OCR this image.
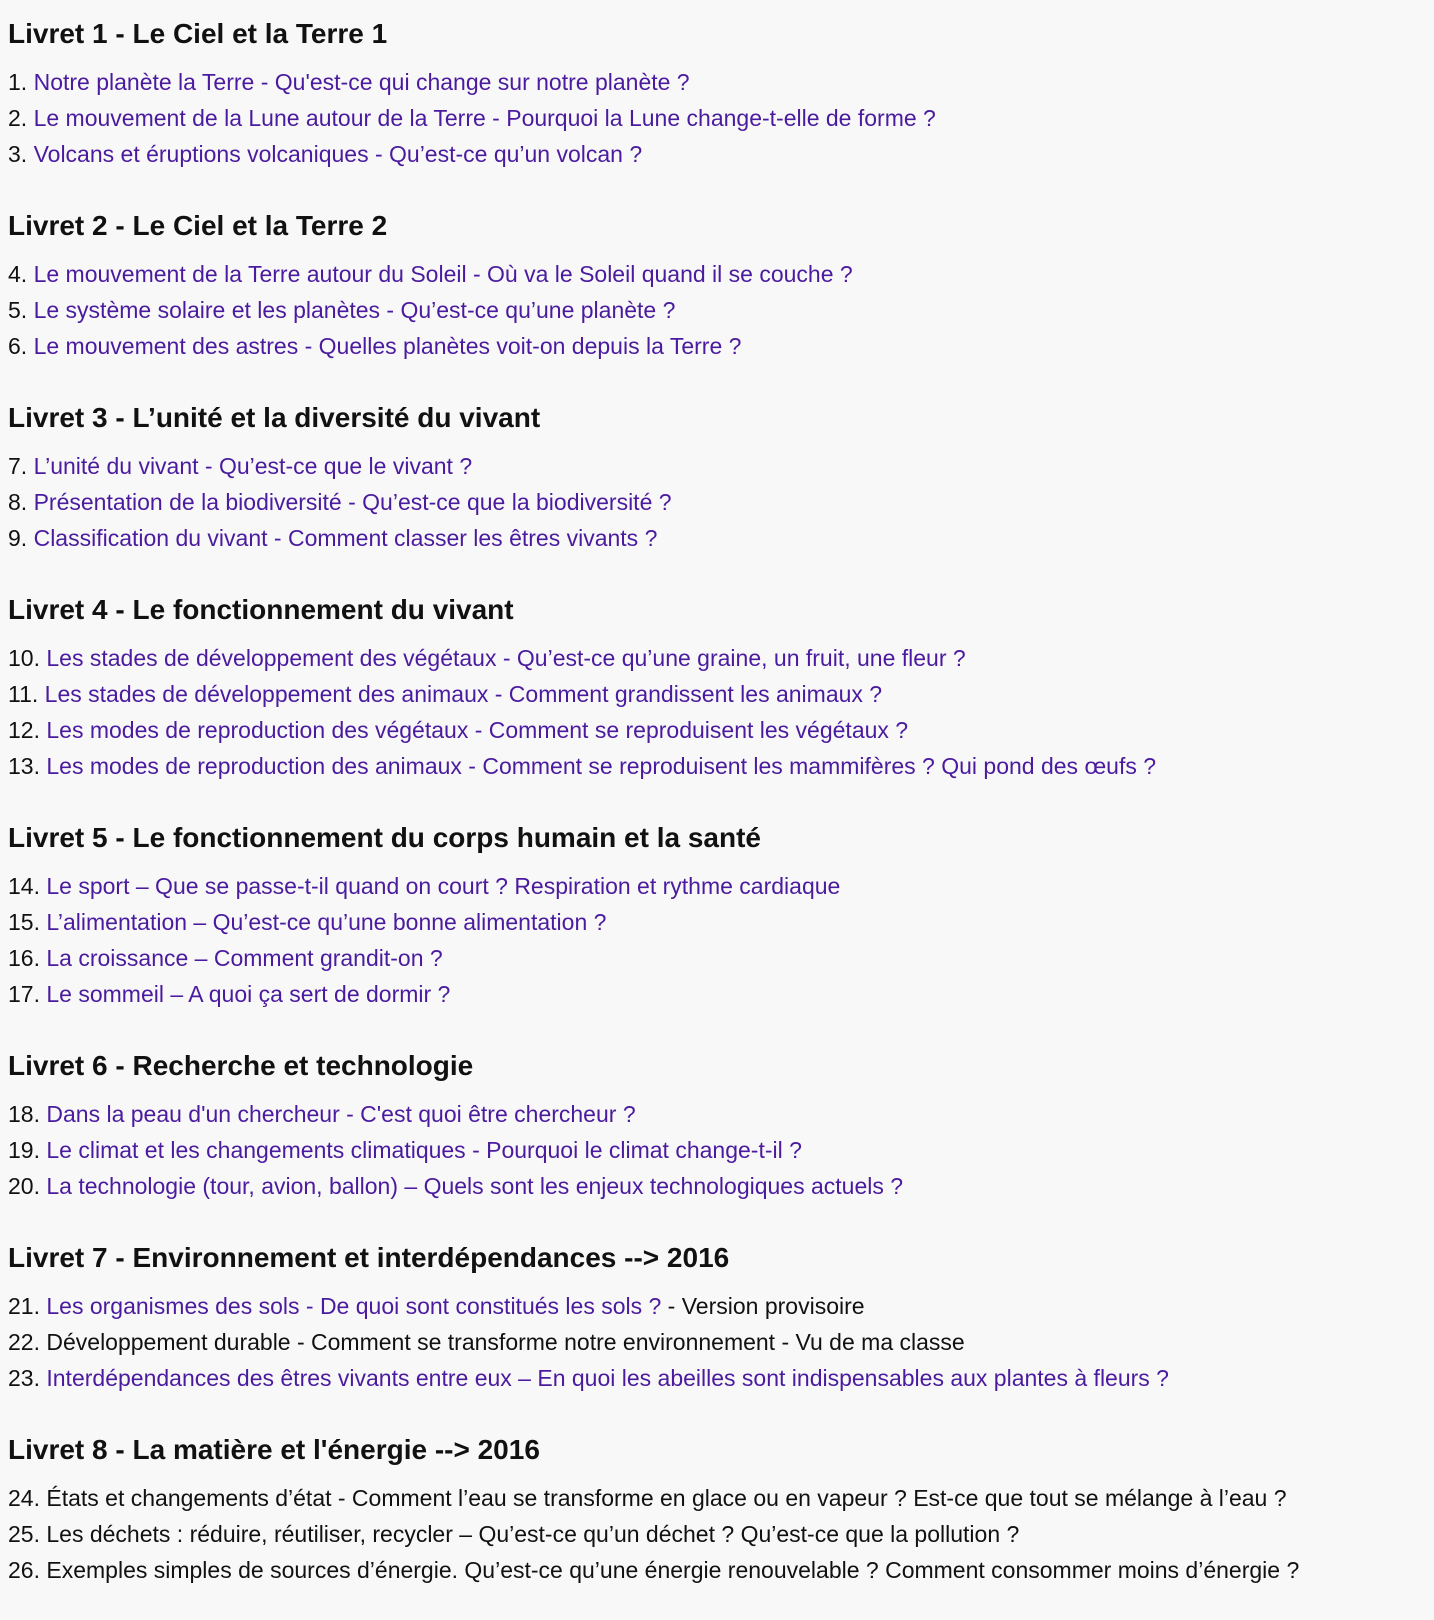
Livret 1 - Le Ciel et la Terre 1
1. Notre planète la Terre - Qu'est-ce qui change sur notre planète ?
2. Le mouvement de la Lune autour de la Terre - Pourquoi la Lune change-t-elle de forme ?
3. Volcans et éruptions volcaniques - Qu’est-ce qu’un volcan ?
Livret 2 - Le Ciel et la Terre 2
4. Le mouvement de la Terre autour du Soleil - Où va le Soleil quand il se couche ?
5. Le système solaire et les planètes - Qu’est-ce qu’une planète ?
6. Le mouvement des astres - Quelles planètes voit-on depuis la Terre ?
Livret 3 - L’unité et la diversité du vivant
7. L’unité du vivant - Qu’est-ce que le vivant ?
8. Présentation de la biodiversité - Qu’est-ce que la biodiversité ?
9. Classification du vivant - Comment classer les êtres vivants ?
Livret 4 - Le fonctionnement du vivant
10. Les stades de développement des végétaux - Qu’est-ce qu’une graine, un fruit, une fleur ?
11. Les stades de développement des animaux - Comment grandissent les animaux ?
12. Les modes de reproduction des végétaux - Comment se reproduisent les végétaux ?
13. Les modes de reproduction des animaux - Comment se reproduisent les mammifères ? Qui pond des œufs ?
Livret 5 - Le fonctionnement du corps humain et la santé
14. Le sport – Que se passe-t-il quand on court ? Respiration et rythme cardiaque
15. L’alimentation – Qu’est-ce qu’une bonne alimentation ?
16. La croissance – Comment grandit-on ?
17. Le sommeil – A quoi ça sert de dormir ?
Livret 6 - Recherche et technologie
18. Dans la peau d'un chercheur - C'est quoi être chercheur ?
19. Le climat et les changements climatiques - Pourquoi le climat change-t-il ?
20. La technologie (tour, avion, ballon) – Quels sont les enjeux technologiques actuels ?
Livret 7 - Environnement et interdépendances --> 2016
21. Les organismes des sols - De quoi sont constitués les sols ? - Version provisoire
22. Développement durable - Comment se transforme notre environnement - Vu de ma classe
23. Interdépendances des êtres vivants entre eux – En quoi les abeilles sont indispensables aux plantes à fleurs ?
Livret 8 - La matière et l'énergie --> 2016
24. États et changements d’état - Comment l’eau se transforme en glace ou en vapeur ? Est-ce que tout se mélange à l’eau ?
25. Les déchets : réduire, réutiliser, recycler – Qu’est-ce qu’un déchet ? Qu’est-ce que la pollution ?
26. Exemples simples de sources d’énergie. Qu’est-ce qu’une énergie renouvelable ? Comment consommer moins d’énergie ?
